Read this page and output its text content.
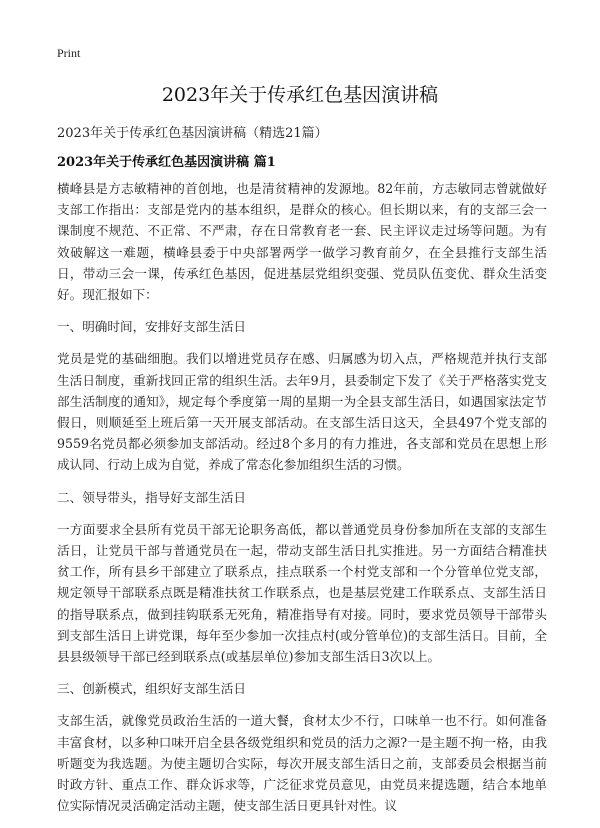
Print
2023年关于传承红色基因演讲稿
2023年关于传承红色基因演讲稿（精选21篇）
2023年关于传承红色基因演讲稿 篇1

横峰县是方志敏精神的首创地，也是清贫精神的发源地。82年前，方志敏同志曾就做好支部工作指出：支部是党内的基本组织，是群众的核心。但长期以来，有的支部三会一课制度不规范、不正常、不严肃，存在日常教育老一套、民主评议走过场等问题。为有效破解这一难题，横峰县委于中央部署两学一做学习教育前夕，在全县推行支部生活日，带动三会一课，传承红色基因，促进基层党组织变强、党员队伍变优、群众生活变好。现汇报如下：

一、明确时间，安排好支部生活日

党员是党的基础细胞。我们以增进党员存在感、归属感为切入点，严格规范并执行支部生活日制度，重新找回正常的组织生活。去年9月，县委制定下发了《关于严格落实党支部生活制度的通知》，规定每个季度第一周的星期一为全县支部生活日，如遇国家法定节假日，则顺延至上班后第一天开展支部活动。在支部生活日这天，全县497个党支部的9559名党员都必须参加支部活动。经过8个多月的有力推进，各支部和党员在思想上形成认同、行动上成为自觉，养成了常态化参加组织生活的习惯。

二、领导带头，指导好支部生活日

一方面要求全县所有党员干部无论职务高低，都以普通党员身份参加所在支部的支部生活日，让党员干部与普通党员在一起，带动支部生活日扎实推进。另一方面结合精准扶贫工作，所有县乡干部建立了联系点，挂点联系一个村党支部和一个分管单位党支部，规定领导干部联系点既是精准扶贫工作联系点，也是基层党建工作联系点、支部生活日的指导联系点，做到挂钩联系无死角，精准指导有对接。同时，要求党员领导干部带头到支部生活日上讲党课，每年至少参加一次挂点村(或分管单位)的支部生活日。目前，全县县级领导干部已经到联系点(或基层单位)参加支部生活日3次以上。

三、创新模式，组织好支部生活日

支部生活，就像党员政治生活的一道大餐，食材太少不行，口味单一也不行。如何准备丰富食材，以多种口味开启全县各级党组织和党员的活力之源?一是主题不拘一格，由我听题变为我选题。为使主题切合实际，每次开展支部生活日之前，支部委员会根据当前时政方针、重点工作、群众诉求等，广泛征求党员意见，由党员来提选题，结合本地单位实际情况灵活确定活动主题，使支部生活日更具针对性。议
